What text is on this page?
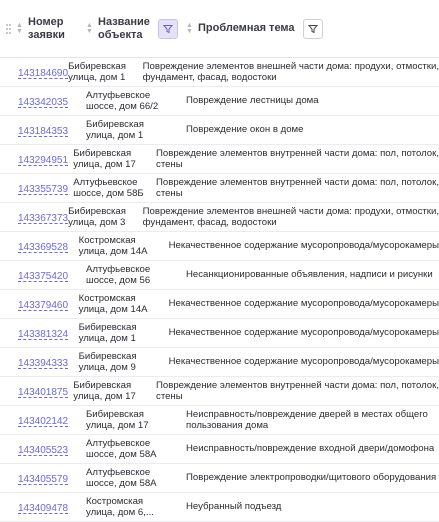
▲
▼
Номер
заявки
▲
▼
Название
объекта
▲
▼ Проблемная тема
143184690
Бибиревская
улица, дом 1
Повреждение элементов внешней части дома: продухи, отмостки,
фундамент, фасад, водостоки
143342035
Алтуфьевское
шоссе, дом 66/2
Повреждение лестницы дома
143184353
Бибиревская
улица, дом 1
Повреждение окон в доме
143294951
Бибиревская
улица, дом 17
Повреждение элементов внутренней части дома: пол, потолок,
стены
143355739
Алтуфьевское
шоссе, дом 58Б
Повреждение элементов внутренней части дома: пол, потолок,
стены
143367373
Бибиревская
улица, дом 3
Повреждение элементов внешней части дома: продухи, отмостки,
фундамент, фасад, водостоки
143369528
Костромская
улица, дом 14А
Некачественное содержание мусоропровода/мусорокамеры
143375420
Алтуфьевское
шоссе, дом 56
Несанкционированные объявления, надписи и рисунки
143379460
Костромская
улица, дом 14А
Некачественное содержание мусоропровода/мусорокамеры
143381324
Бибиревская
улица, дом 1
Некачественное содержание мусоропровода/мусорокамеры
143394333
Бибиревская
улица, дом 9
Некачественное содержание мусоропровода/мусорокамеры
143401875
Бибиревская
улица, дом 17
Повреждение элементов внутренней части дома: пол, потолок,
стены
143402142
Бибиревская
улица, дом 17
Неисправность/повреждение дверей в местах общего
пользования дома
143405523
Алтуфьевское
шоссе, дом 58А
Неисправность/повреждение входной двери/домофона
143405579
Алтуфьевское
шоссе, дом 58А
Повреждение электропроводки/щитового оборудования
143409478
Костромская
улица, дом 6,...
Неубранный подъезд
